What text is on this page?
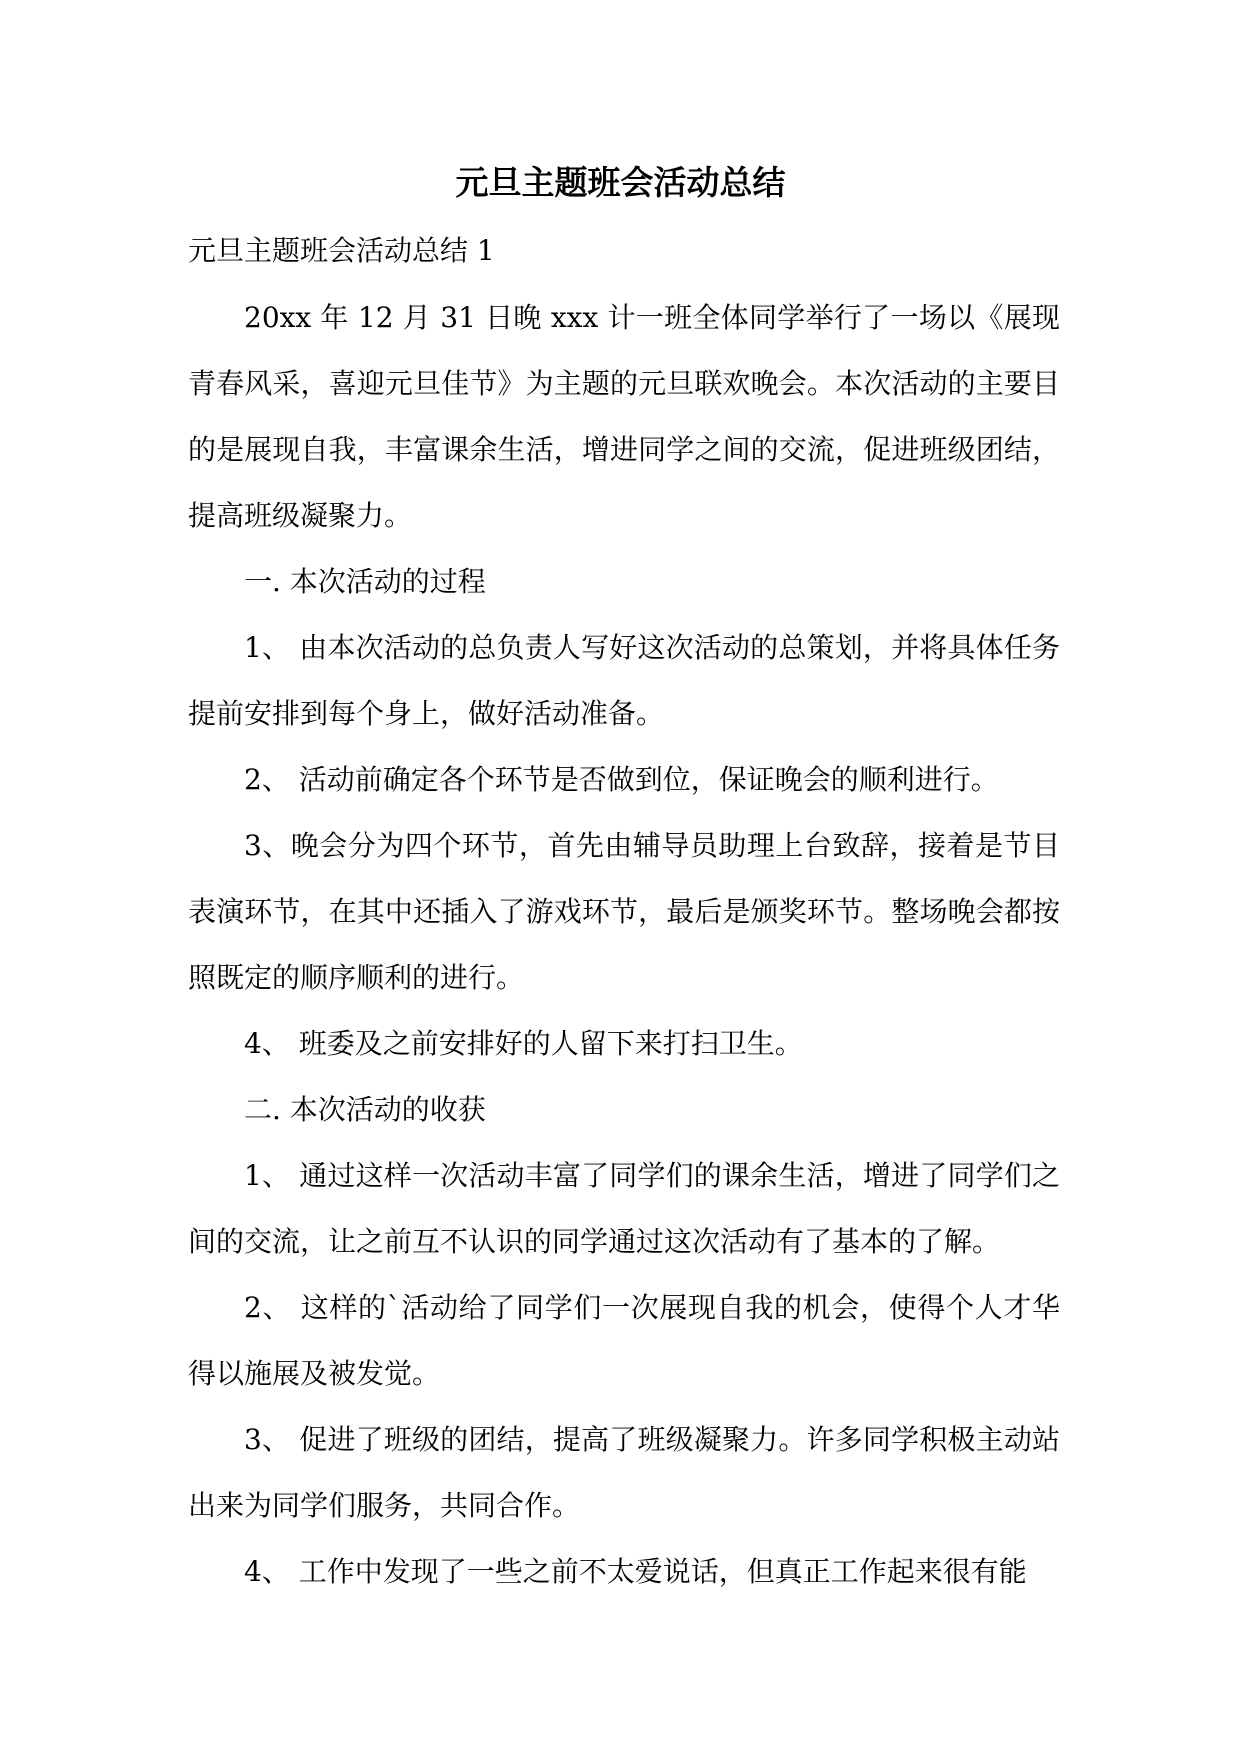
元旦主题班会活动总结

元旦主题班会活动总结 1

20xx 年 12 月 31 日晚 xxx 计一班全体同学举行了一场以《展现青春风采，喜迎元旦佳节》为主题的元旦联欢晚会。本次活动的主要目的是展现自我，丰富课余生活，增进同学之间的交流，促进班级团结，提高班级凝聚力。

一. 本次活动的过程

1、 由本次活动的总负责人写好这次活动的总策划，并将具体任务提前安排到每个身上，做好活动准备。

2、 活动前确定各个环节是否做到位，保证晚会的顺利进行。

3、晚会分为四个环节，首先由辅导员助理上台致辞，接着是节目表演环节，在其中还插入了游戏环节，最后是颁奖环节。整场晚会都按照既定的顺序顺利的进行。

4、 班委及之前安排好的人留下来打扫卫生。

二. 本次活动的收获

1、 通过这样一次活动丰富了同学们的课余生活，增进了同学们之间的交流，让之前互不认识的同学通过这次活动有了基本的了解。

2、 这样的`活动给了同学们一次展现自我的机会，使得个人才华得以施展及被发觉。

3、 促进了班级的团结，提高了班级凝聚力。许多同学积极主动站出来为同学们服务，共同合作。

4、 工作中发现了一些之前不太爱说话，但真正工作起来很有能
